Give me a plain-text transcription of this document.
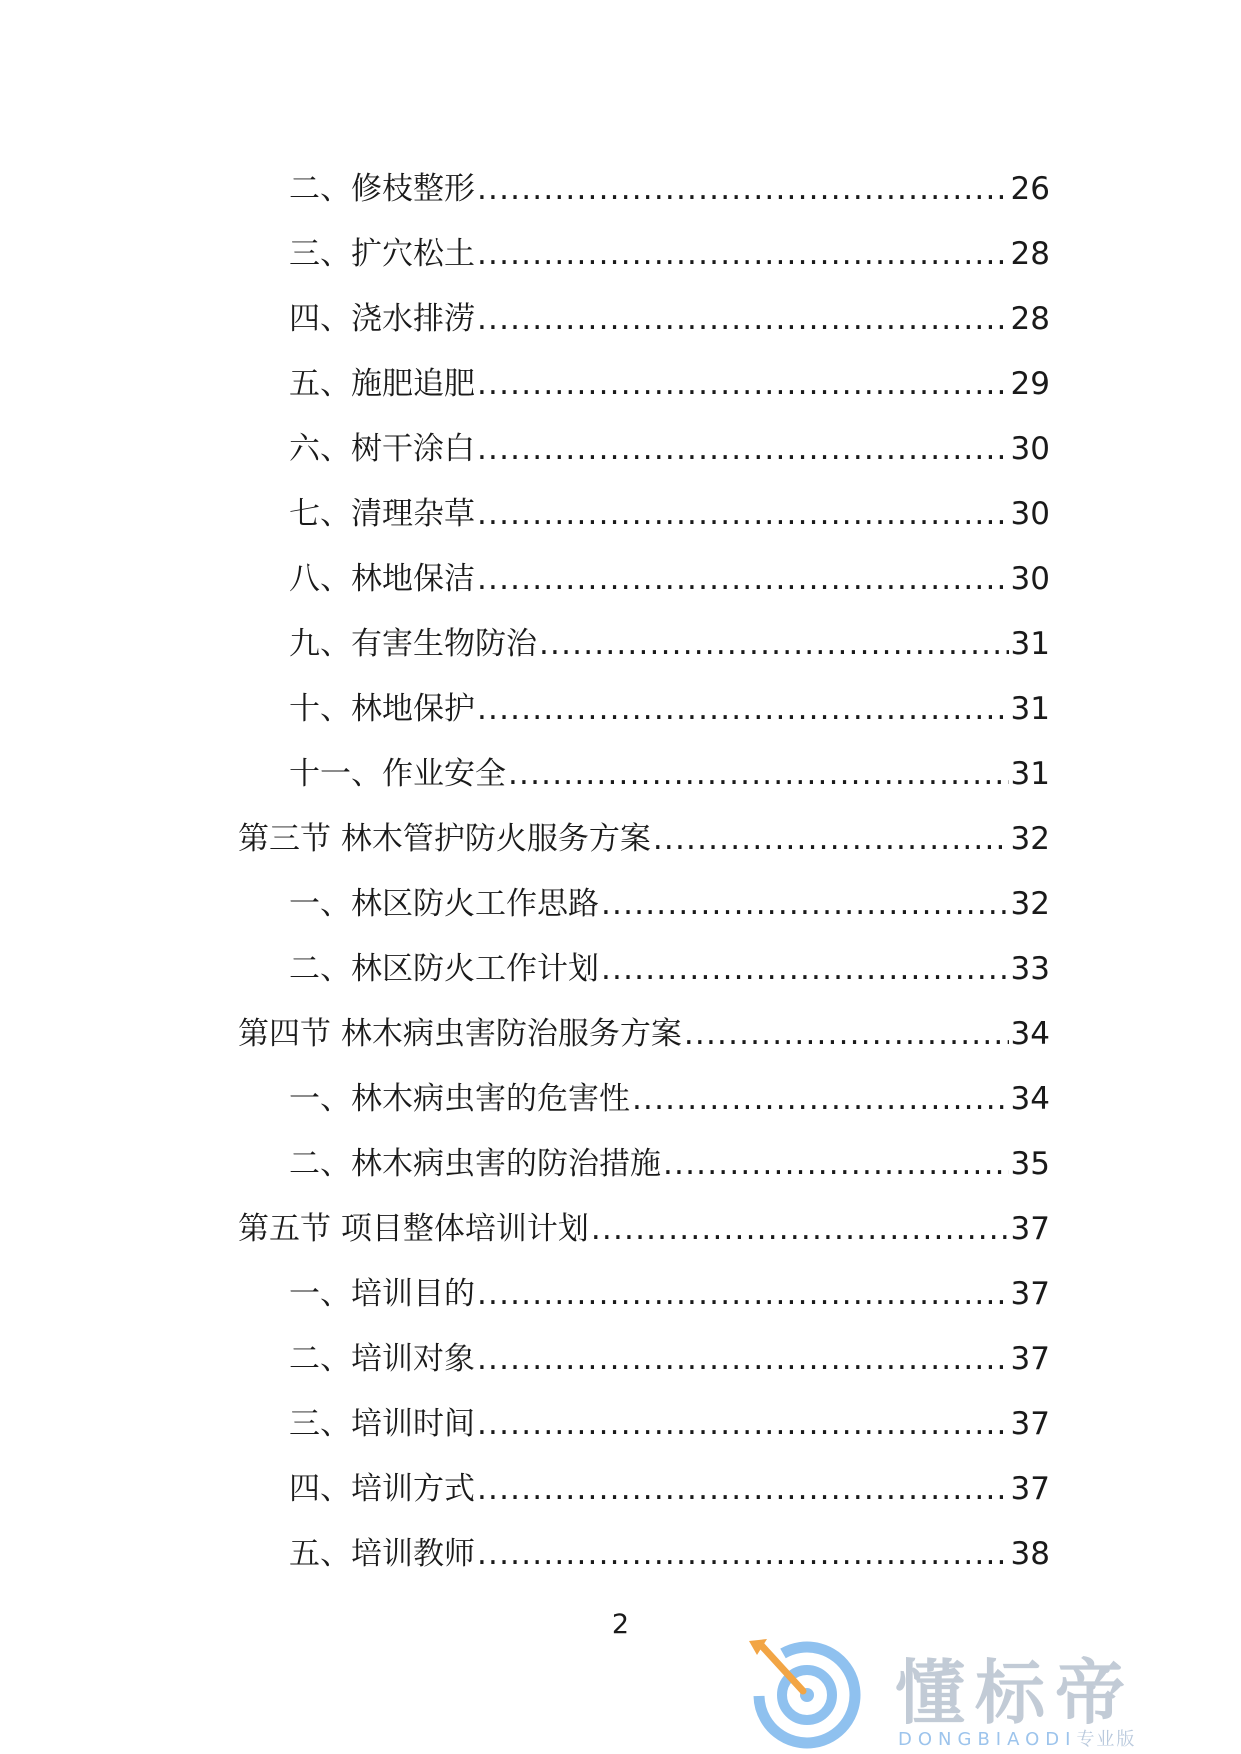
二、修枝整形 .....	26
三、扩穴松土 .....	28
四、浇水排涝 .....	28
五、施肥追肥 .....	29
六、树干涂白 .....	30
七、清理杂草 .....	30
八、林地保洁 .....	30
九、有害生物防治 .....	31
十、林地保护 .....	31
十一、作业安全 .....	31
第三节 林木管护防火服务方案 .....	32
一、林区防火工作思路 .....	32
二、林区防火工作计划 .....	33
第四节 林木病虫害防治服务方案 .....	34
一、林木病虫害的危害性 .....	34
二、林木病虫害的防治措施 .....	35
第五节 项目整体培训计划 .....	37
一、培训目的 .....	37
二、培训对象 .....	37
三、培训时间 .....	37
四、培训方式 .....	37
五、培训教师 .....	38
2
懂标帝
DONGBIAODI专业版
